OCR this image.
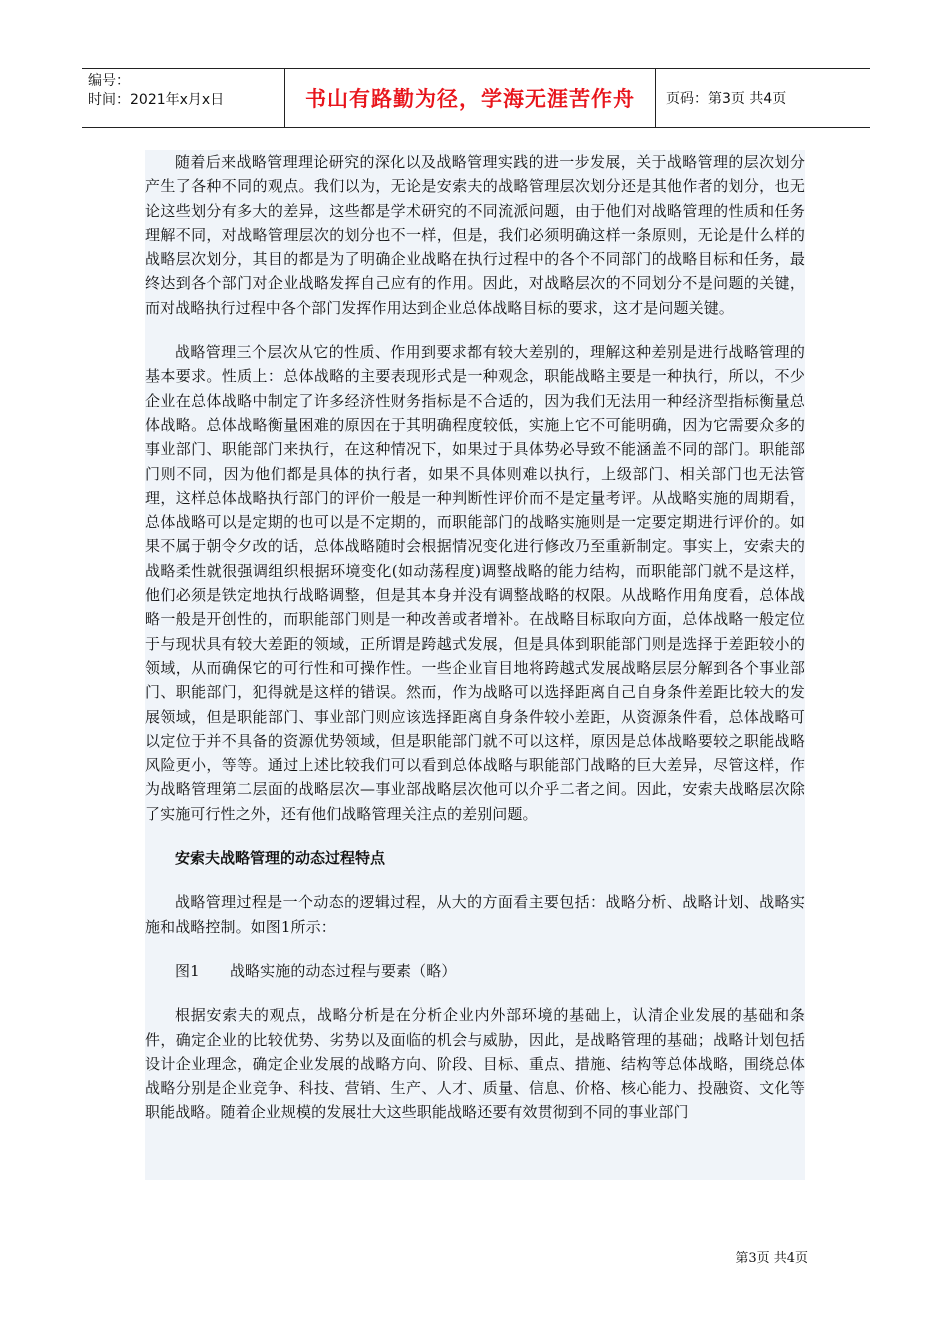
编号：
时间：2021年x月x日	书山有路勤为径，学海无涯苦作舟 页码：第3页 共4页

随着后来战略管理理论研究的深化以及战略管理实践的进一步发展，关于战略管理的层次划分产生了各种不同的观点。我们以为，无论是安索夫的战略管理层次划分还是其他作者的划分，也无论这些划分有多大的差异，这些都是学术研究的不同流派问题，由于他们对战略管理的性质和任务理解不同，对战略管理层次的划分也不一样，但是，我们必须明确这样一条原则，无论是什么样的战略层次划分，其目的都是为了明确企业战略在执行过程中的各个不同部门的战略目标和任务，最终达到各个部门对企业战略发挥自己应有的作用。因此，对战略层次的不同划分不是问题的关键，而对战略执行过程中各个部门发挥作用达到企业总体战略目标的要求，这才是问题关键。

战略管理三个层次从它的性质、作用到要求都有较大差别的，理解这种差别是进行战略管理的基本要求。性质上：总体战略的主要表现形式是一种观念，职能战略主要是一种执行，所以，不少企业在总体战略中制定了许多经济性财务指标是不合适的，因为我们无法用一种经济型指标衡量总体战略。总体战略衡量困难的原因在于其明确程度较低，实施上它不可能明确，因为它需要众多的事业部门、职能部门来执行，在这种情况下，如果过于具体势必导致不能涵盖不同的部门。职能部门则不同，因为他们都是具体的执行者，如果不具体则难以执行，上级部门、相关部门也无法管理，这样总体战略执行部门的评价一般是一种判断性评价而不是定量考评。从战略实施的周期看，总体战略可以是定期的也可以是不定期的，而职能部门的战略实施则是一定要定期进行评价的。如果不属于朝令夕改的话，总体战略随时会根据情况变化进行修改乃至重新制定。事实上，安索夫的战略柔性就很强调组织根据环境变化(如动荡程度)调整战略的能力结构，而职能部门就不是这样，他们必须是铁定地执行战略调整，但是其本身并没有调整战略的权限。从战略作用角度看，总体战略一般是开创性的，而职能部门则是一种改善或者增补。在战略目标取向方面，总体战略一般定位于与现状具有较大差距的领域，正所谓是跨越式发展，但是具体到职能部门则是选择于差距较小的领域，从而确保它的可行性和可操作性。一些企业盲目地将跨越式发展战略层层分解到各个事业部门、职能部门，犯得就是这样的错误。然而，作为战略可以选择距离自己自身条件差距比较大的发展领域，但是职能部门、事业部门则应该选择距离自身条件较小差距，从资源条件看，总体战略可以定位于并不具备的资源优势领域，但是职能部门就不可以这样，原因是总体战略要较之职能战略风险更小，等等。通过上述比较我们可以看到总体战略与职能部门战略的巨大差异，尽管这样，作为战略管理第二层面的战略层次—事业部战略层次他可以介乎二者之间。因此，安索夫战略层次除了实施可行性之外，还有他们战略管理关注点的差别问题。

安索夫战略管理的动态过程特点

战略管理过程是一个动态的逻辑过程，从大的方面看主要包括：战略分析、战略计划、战略实施和战略控制。如图1所示：

图1　　战略实施的动态过程与要素（略）

根据安索夫的观点，战略分析是在分析企业内外部环境的基础上，认清企业发展的基础和条件，确定企业的比较优势、劣势以及面临的机会与威胁，因此，是战略管理的基础；战略计划包括设计企业理念，确定企业发展的战略方向、阶段、目标、重点、措施、结构等总体战略，围绕总体战略分别是企业竞争、科技、营销、生产、人才、质量、信息、价格、核心能力、投融资、文化等职能战略。随着企业规模的发展壮大这些职能战略还要有效贯彻到不同的事业部门

第3页 共4页
